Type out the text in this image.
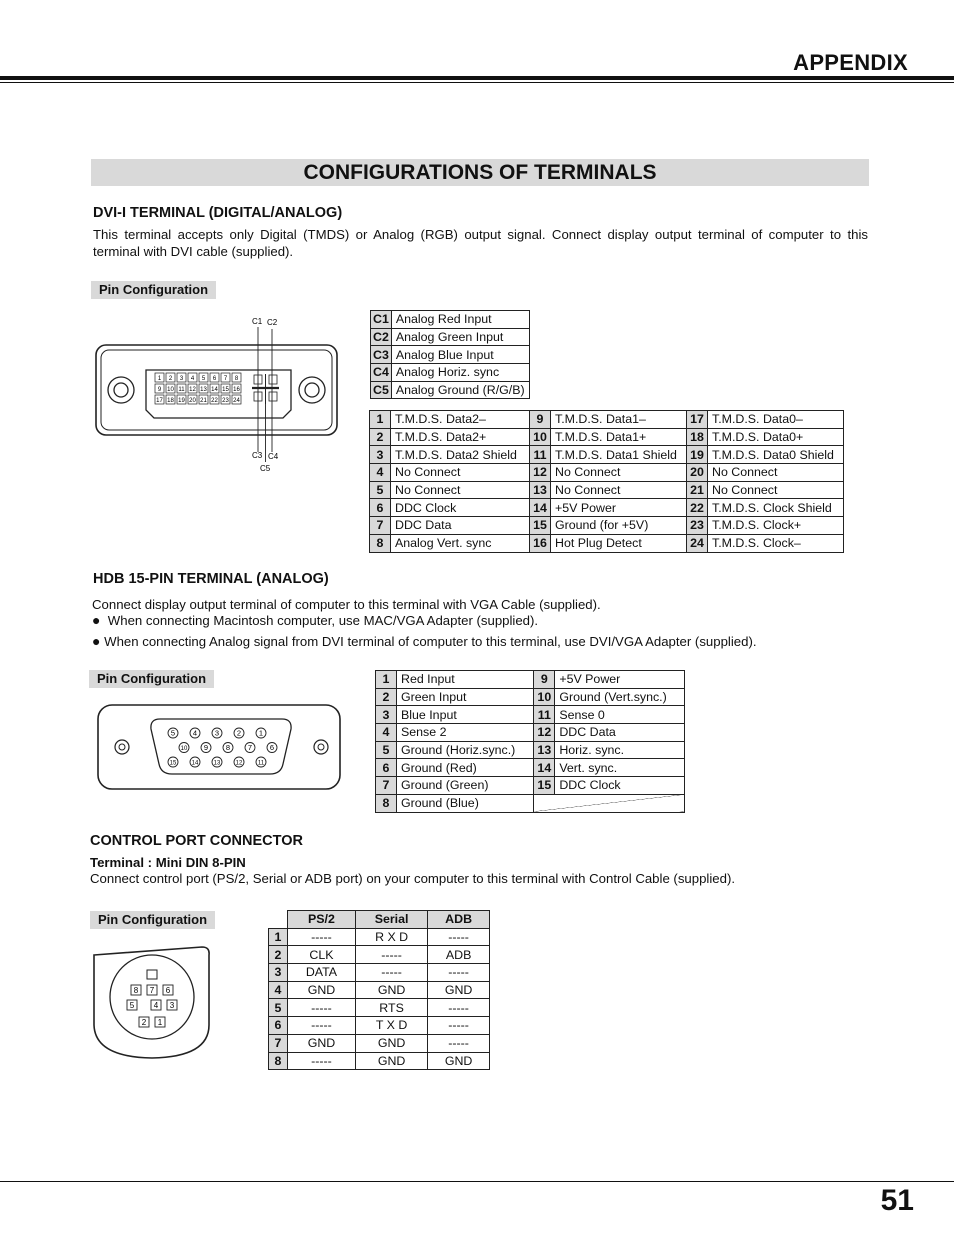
APPENDIX
CONFIGURATIONS OF TERMINALS
DVI-I TERMINAL (DIGITAL/ANALOG)
This terminal accepts only Digital (TMDS) or Analog (RGB) output signal. Connect display output terminal of computer to this terminal with DVI cable (supplied).
Pin Configuration
1 2 3 4 5 6 7 8
9 10 11 12 13 14 15 16
17 18 19 20 21 22 23 24
C1 C2
C3 C4
C5
C1	Analog Red Input
C2	Analog Green Input
C3	Analog Blue Input
C4	Analog Horiz. sync
C5	Analog Ground (R/G/B)
1	T.M.D.S. Data2–	9	T.M.D.S. Data1–	17	T.M.D.S. Data0–
2	T.M.D.S. Data2+	10	T.M.D.S. Data1+	18	T.M.D.S. Data0+
3	T.M.D.S. Data2 Shield	11	T.M.D.S. Data1 Shield	19	T.M.D.S. Data0 Shield
4	No Connect	12	No Connect	20	No Connect
5	No Connect	13	No Connect	21	No Connect
6	DDC Clock	14	+5V Power	22	T.M.D.S. Clock Shield
7	DDC Data	15	Ground (for +5V)	23	T.M.D.S. Clock+
8	Analog Vert. sync	16	Hot Plug Detect	24	T.M.D.S. Clock–
HDB 15-PIN TERMINAL (ANALOG)
Connect display output terminal of computer to this terminal with VGA Cable (supplied).
● When connecting Macintosh computer, use MAC/VGA Adapter (supplied).
● When connecting Analog signal from DVI terminal of computer to this terminal, use DVI/VGA Adapter (supplied).
Pin Configuration
5 4 3 2 1
10 9 8 7 6
15	14	13	12	11
1	Red Input	9	+5V Power
2	Green Input	10	Ground (Vert.sync.)
3	Blue Input	11	Sense 0
4	Sense 2	12	DDC Data
5	Ground (Horiz.sync.)	13	Horiz. sync.
6	Ground (Red)	14	Vert. sync.
7	Ground (Green)	15	DDC Clock
8	Ground (Blue)		
CONTROL PORT CONNECTOR
Terminal : Mini DIN 8-PIN
Connect control port (PS/2, Serial or ADB port) on your computer to this terminal with Control Cable (supplied).
Pin Configuration
8 7 6
5 4 3
2 1
	PS/2	Serial	ADB
1	-----	R X D	-----
2	CLK	-----	ADB
3	DATA	-----	-----
4	GND	GND	GND
5	-----	RTS	-----
6	-----	T X D	-----
7	GND	GND	-----
8	-----	GND	GND
51
